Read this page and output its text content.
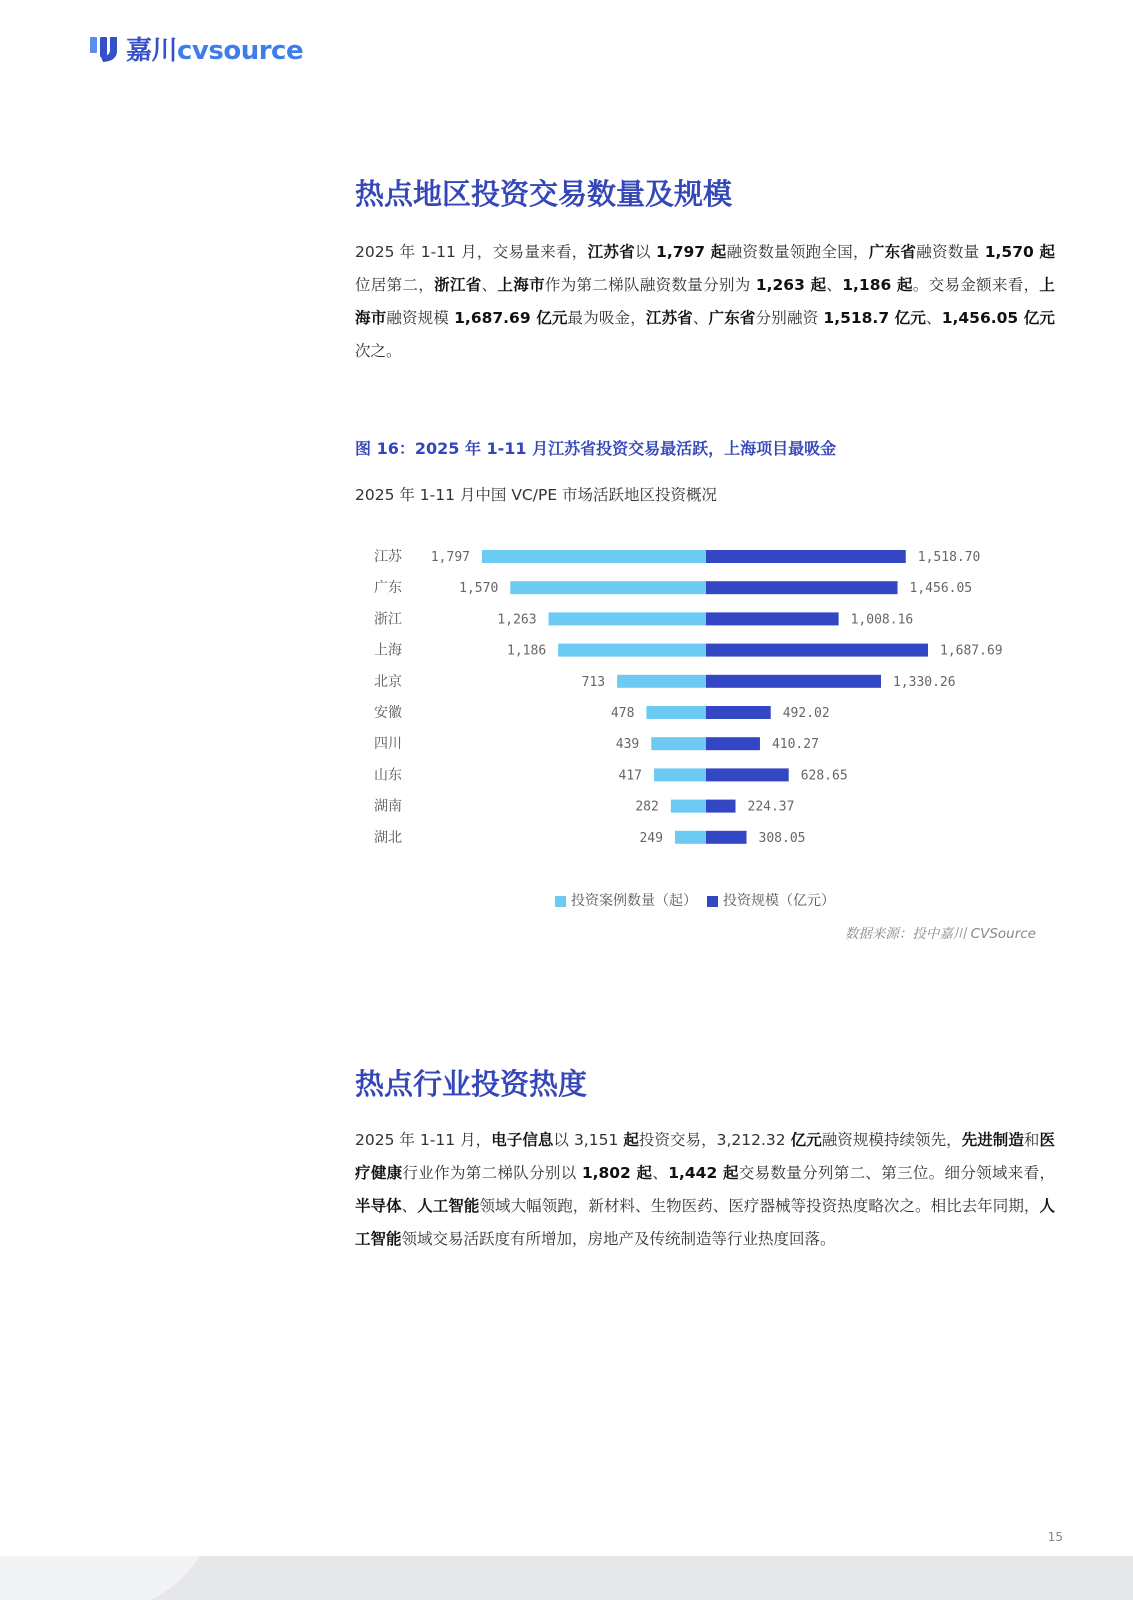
嘉川cvsource
热点地区投资交易数量及规模

2025 年 1-11 月，交易量来看，江苏省以 1,797 起融资数量领跑全国，广东省融资数量 1,570 起位居第二，浙江省、上海市作为第二梯队融资数量分别为 1,263 起、1,186 起。交易金额来看，上海市融资规模 1,687.69 亿元最为吸金，江苏省、广东省分别融资 1,518.7 亿元、1,456.05 亿元次之。

图 16：2025 年 1-11 月江苏省投资交易最活跃，上海项目最吸金

2025 年 1-11 月中国 VC/PE 市场活跃地区投资概况

江苏 1,797	1,518.70
广东	1,570	1,456.05
浙江	1,263	1,008.16
上海	1,186	1,687.69
北京	713	1,330.26
安徽	478	492.02
四川	439	410.27
山东	417	628.65
湖南	282	224.37
湖北	249	308.05
投资案例数量（起）	投资规模（亿元）
数据来源：投中嘉川 CVSource
热点行业投资热度

2025 年 1-11 月，电子信息以 3,151 起投资交易，3,212.32 亿元融资规模持续领先，先进制造和医疗健康行业作为第二梯队分别以 1,802 起、1,442 起交易数量分列第二、第三位。细分领域来看，半导体、人工智能领域大幅领跑，新材料、生物医药、医疗器械等投资热度略次之。相比去年同期，人工智能领域交易活跃度有所增加，房地产及传统制造等行业热度回落。

15
